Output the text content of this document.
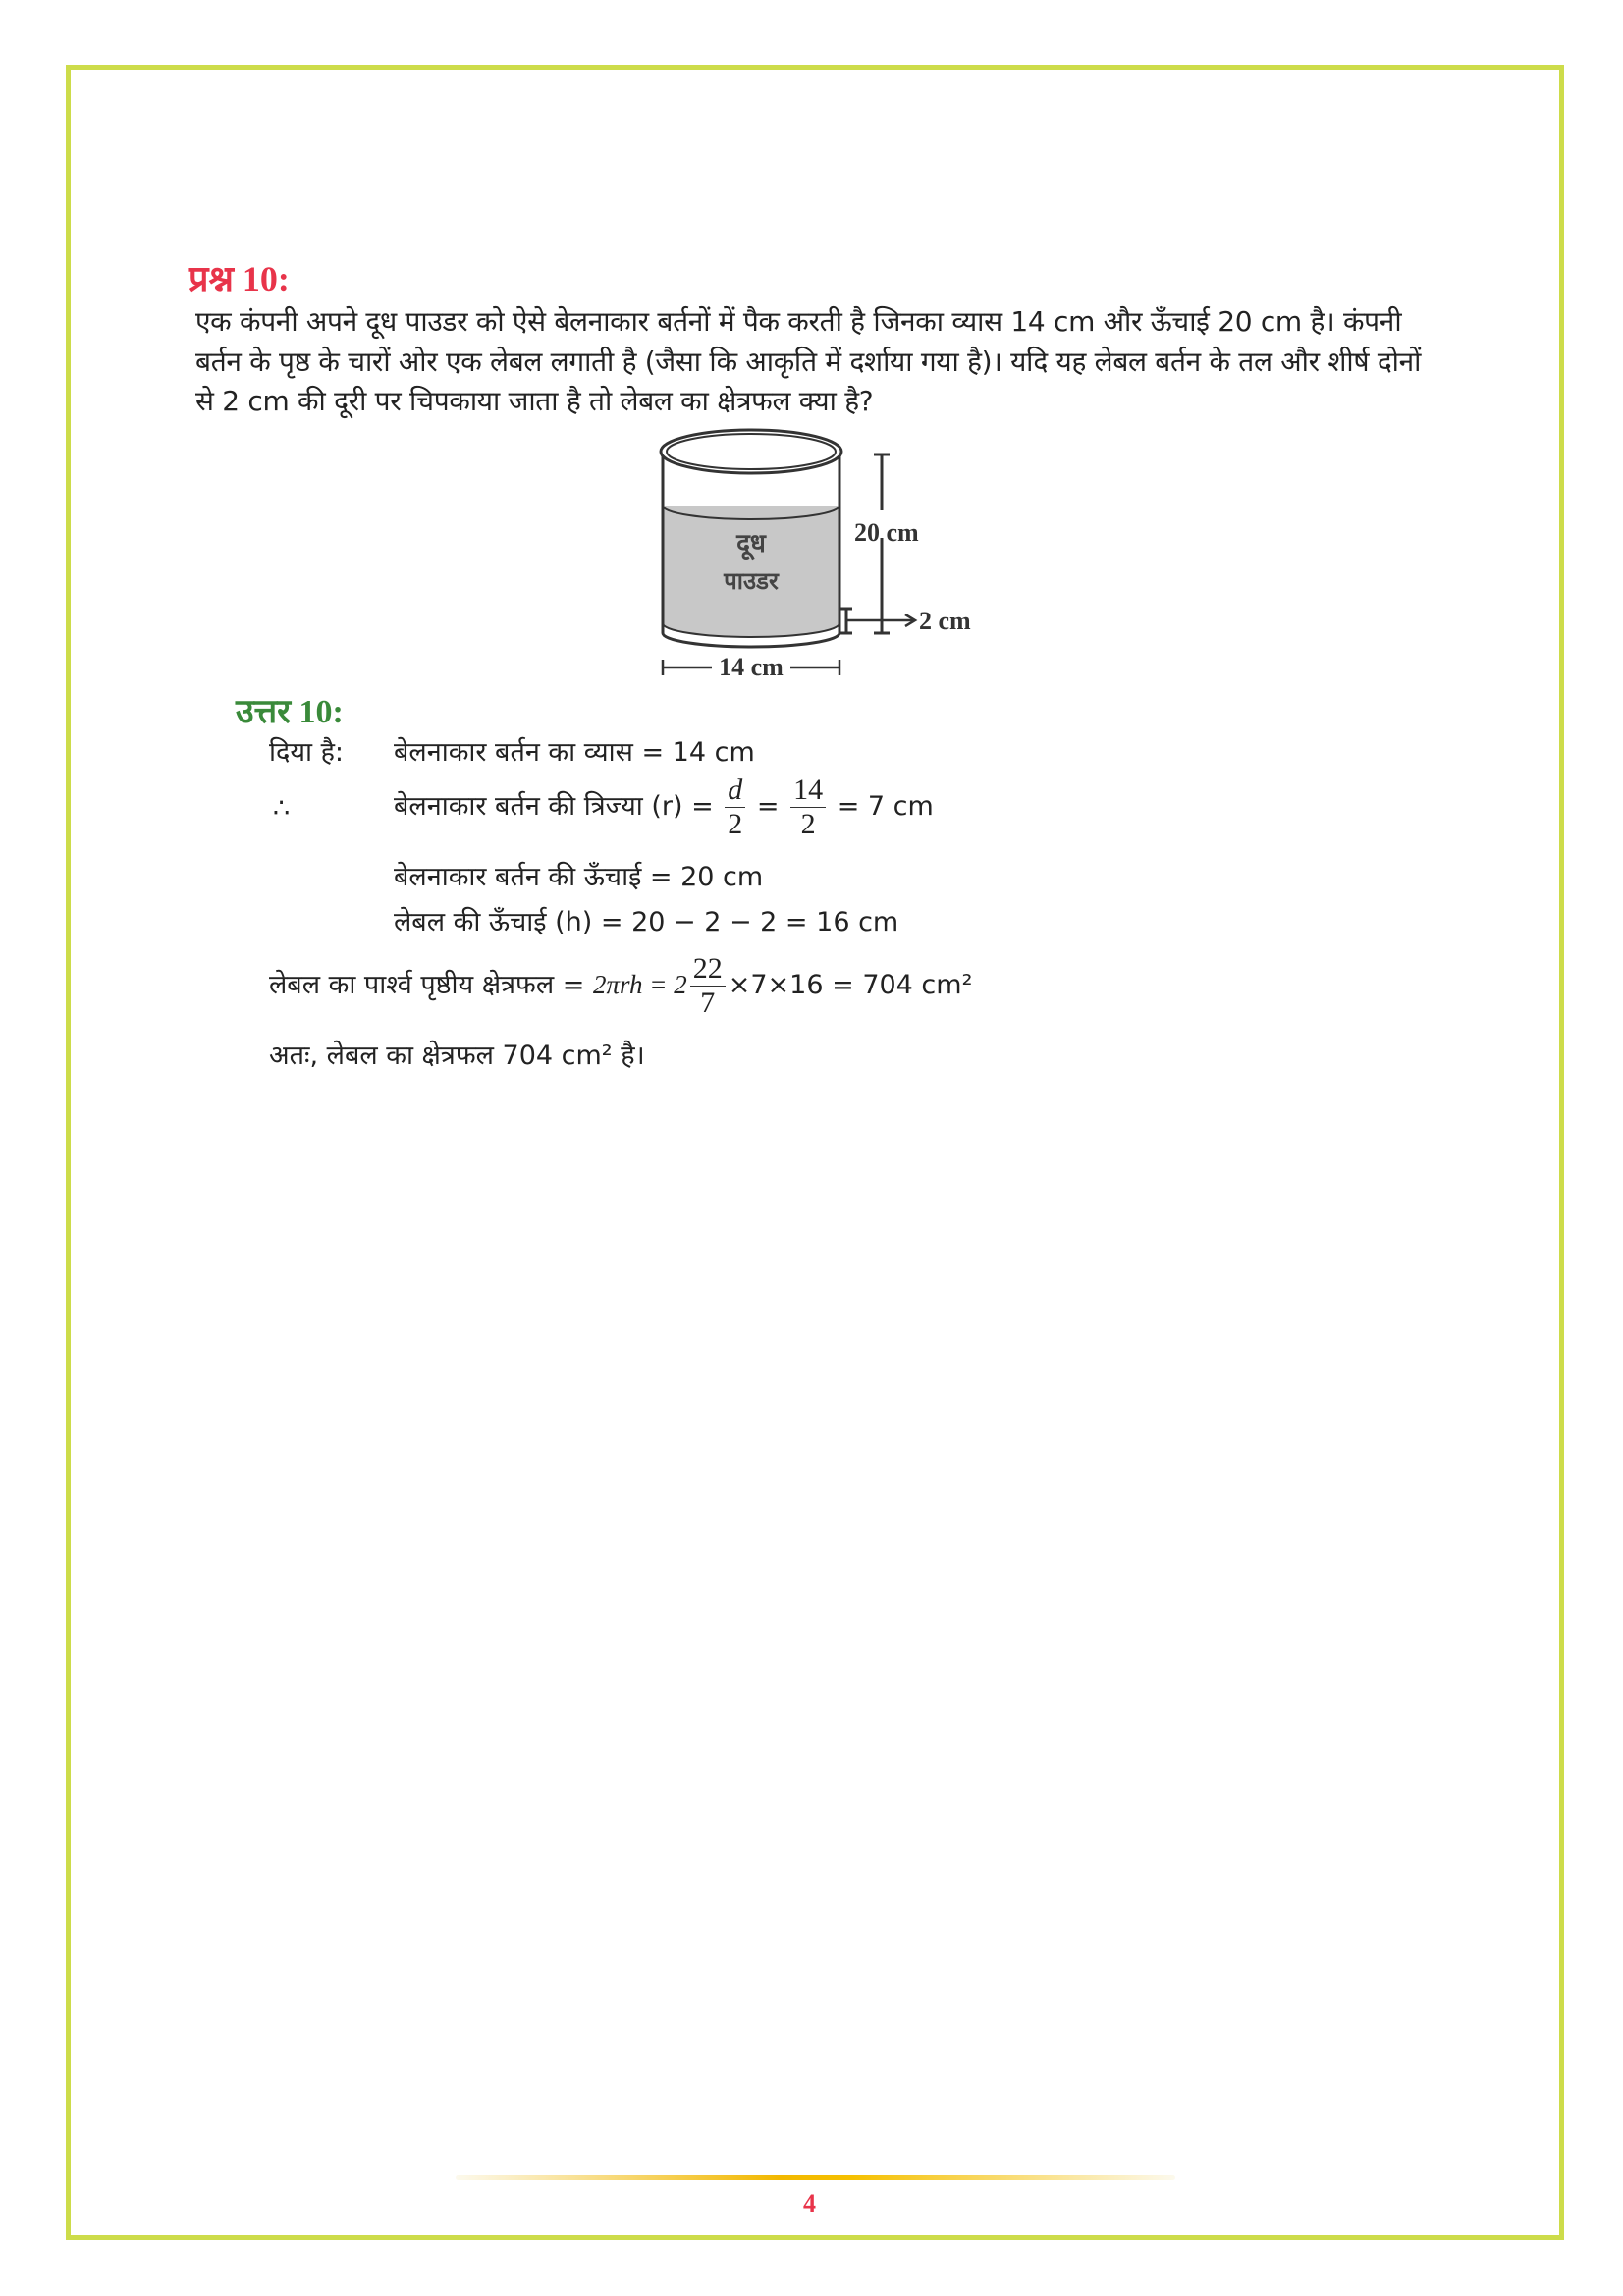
प्रश्न 10:
एक कंपनी अपने दूध पाउडर को ऐसे बेलनाकार बर्तनों में पैक करती है जिनका व्यास 14 cm और ऊँचाई 20 cm है। कंपनी बर्तन के पृष्ठ के चारों ओर एक लेबल लगाती है (जैसा कि आकृति में दर्शाया गया है)। यदि यह लेबल बर्तन के तल और शीर्ष दोनों से 2 cm की दूरी पर चिपकाया जाता है तो लेबल का क्षेत्रफल क्या है?
दूध
पाउडर
20 cm
2 cm
14 cm
उत्तर 10:
दिया है: बेलनाकार बर्तन का व्यास = 14 cm
∴	बेलनाकार बर्तन की त्रिज्या $(r) = \frac{d}{2} = \frac{14}{2} = 7$ cm
बेलनाकार बर्तन की ऊँचाई = 20 cm
लेबल की ऊँचाई (h) = 20 − 2 − 2 = 16 cm
लेबल का पार्श्व पृष्ठीय क्षेत्रफल = $2\pi rh = 2 \frac{22}{7} \times 7\times 16 = 704$ cm²
अतः, लेबल का क्षेत्रफल 704 cm² है।
4
